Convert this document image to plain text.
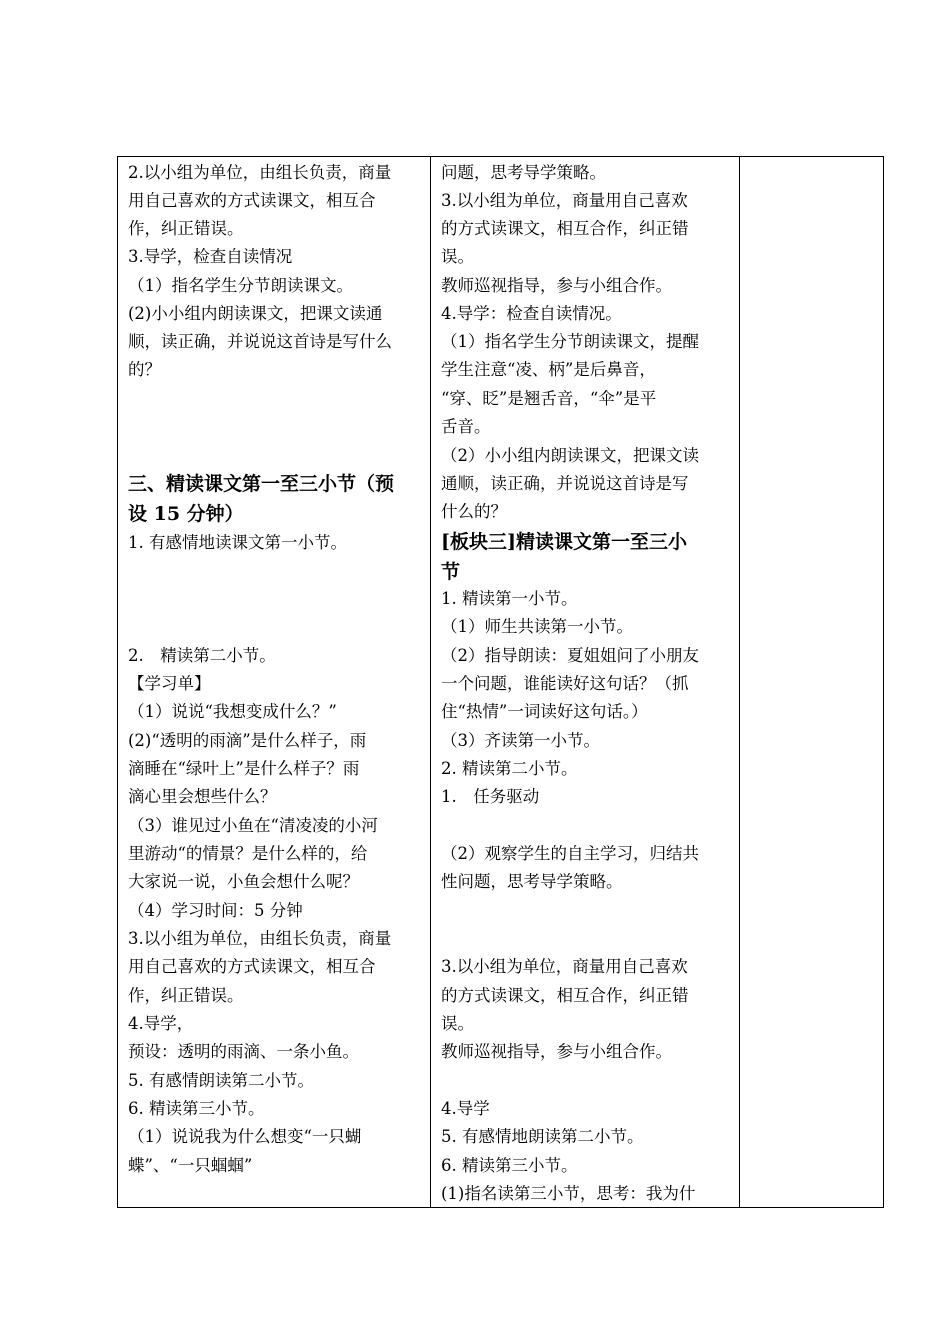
2.以小组为单位，由组长负责，商量
用自己喜欢的方式读课文，相互合
作，纠正错误。
3.导学，检查自读情况
（1）指名学生分节朗读课文。
(2)小小组内朗读课文，把课文读通
顺，读正确，并说说这首诗是写什么
的？
三、精读课文第一至三小节（预
设 15 分钟）
1. 有感情地读课文第一小节。
2.　精读第二小节。
【学习单】
（1）说说“我想变成什么？”
(2)“透明的雨滴”是什么样子，雨
滴睡在“绿叶上”是什么样子？雨
滴心里会想些什么？
（3）谁见过小鱼在“清凌凌的小河
里游动“的情景？是什么样的，给
大家说一说，小鱼会想什么呢？
（4）学习时间：5 分钟
3.以小组为单位，由组长负责，商量
用自己喜欢的方式读课文，相互合
作，纠正错误。
4.导学，
预设：透明的雨滴、一条小鱼。
5. 有感情朗读第二小节。
6. 精读第三小节。
（1）说说我为什么想变“一只蝴
蝶”、“一只蝈蝈”
问题，思考导学策略。
3.以小组为单位，商量用自己喜欢
的方式读课文，相互合作，纠正错
误。
教师巡视指导，参与小组合作。
4.导学：检查自读情况。
（1）指名学生分节朗读课文，提醒
学生注意“凌、柄”是后鼻音，
“穿、眨”是翘舌音，“伞”是平
舌音。
（2）小小组内朗读课文，把课文读
通顺，读正确，并说说这首诗是写
什么的？
[板块三]精读课文第一至三小
节
1. 精读第一小节。
（1）师生共读第一小节。
（2）指导朗读：夏姐姐问了小朋友
一个问题，谁能读好这句话？（抓
住“热情”一词读好这句话。）
（3）齐读第一小节。
2. 精读第二小节。
1.　任务驱动
（2）观察学生的自主学习，归结共
性问题，思考导学策略。
3.以小组为单位，商量用自己喜欢
的方式读课文，相互合作，纠正错
误。
教师巡视指导，参与小组合作。
4.导学
5. 有感情地朗读第二小节。
6. 精读第三小节。
(1)指名读第三小节，思考：我为什
